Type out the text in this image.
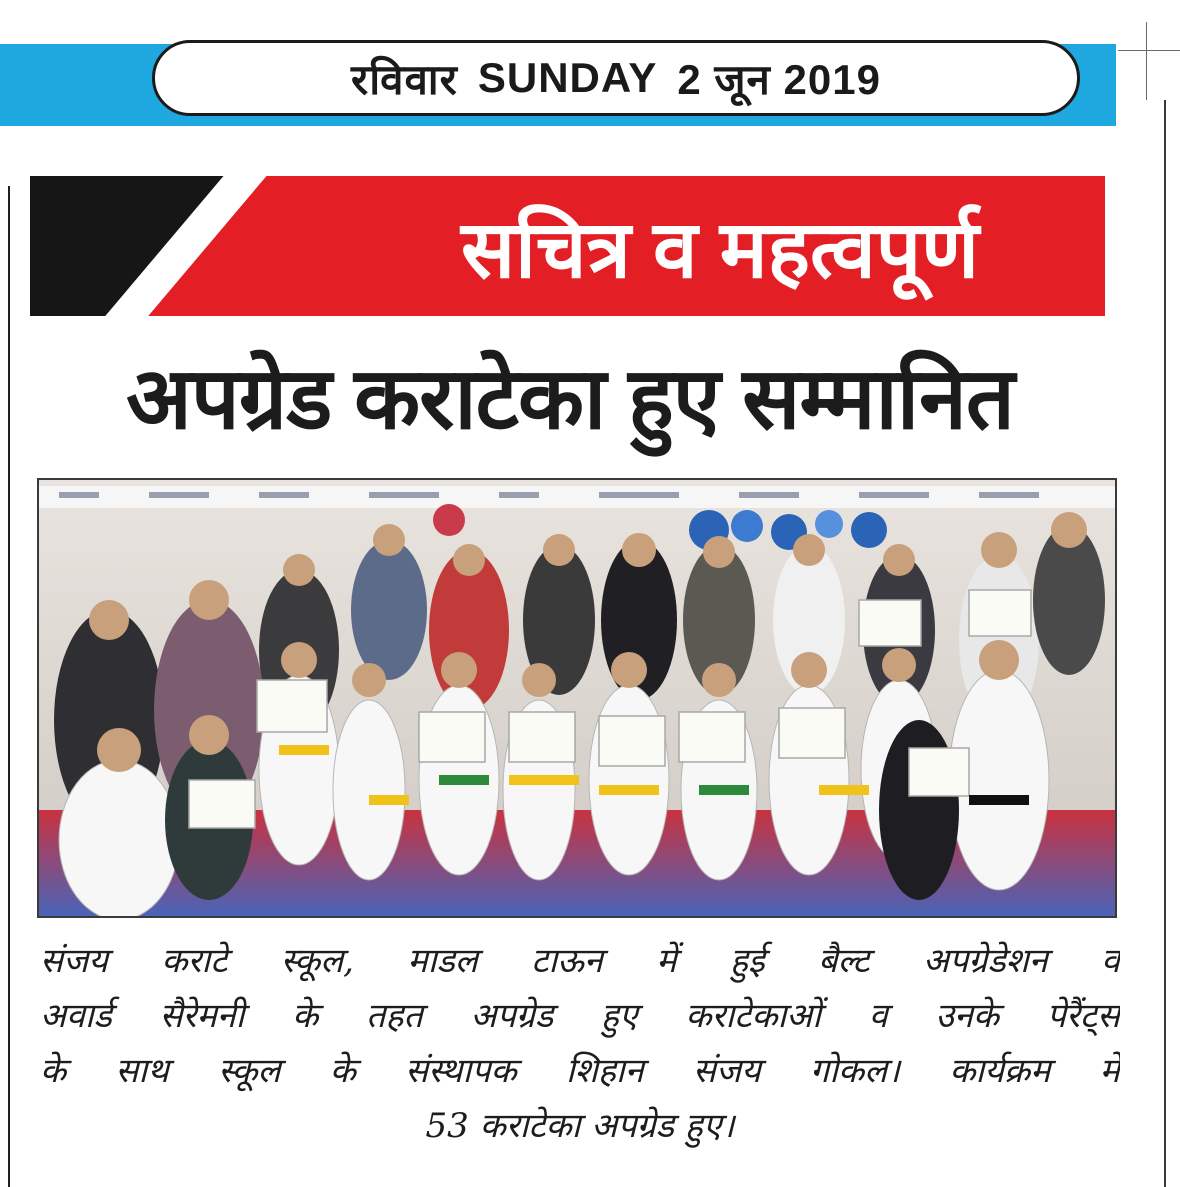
रविवार SUNDAY 2 जून 2019
सचित्र व महत्वपूर्ण
अपग्रेड कराटेका हुए सम्मानित
संजय कराटे स्कूल, माडल टाऊन में हुई बैल्ट अपग्रेडेशन व
अवार्ड सैरेमनी के तहत अपग्रेड हुए कराटेकाओं व उनके पेरैंट्स
के साथ स्कूल के संस्थापक शिहान संजय गोकल। कार्यक्रम में
53 कराटेका अपग्रेड हुए।
